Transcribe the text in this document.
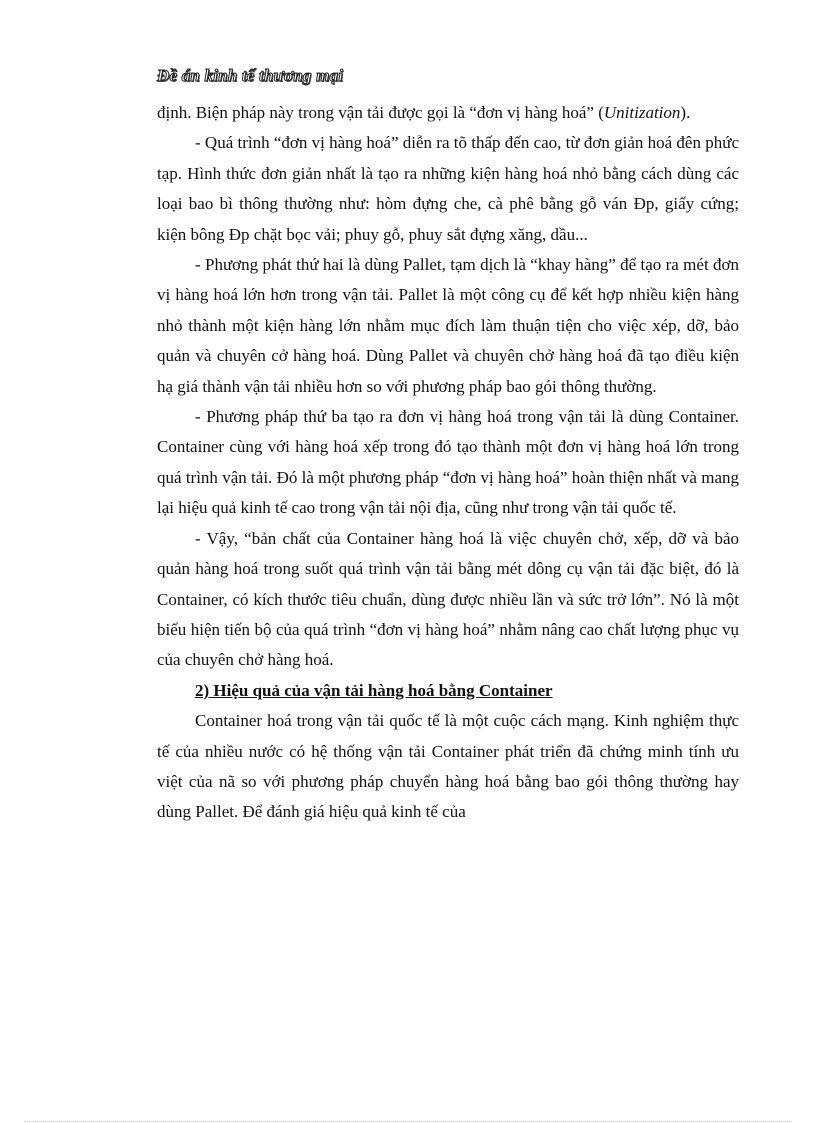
Đề án kinh tế thương mại

định. Biện pháp này trong vận tải được gọi là “đơn vị hàng hoá” (Unitization).

- Quá trình “đơn vị hàng hoá” diễn ra tõ thấp đến cao, từ đơn giản hoá đên phức tạp. Hình thức đơn giản nhất là tạo ra những kiện hàng hoá nhỏ bằng cách dùng các loại bao bì thông thường như: hòm đựng che, cà phê bằng gỗ ván Đp, giấy cứng; kiện bông Đp chặt bọc vải; phuy gỗ, phuy sắt đựng xăng, dầu...

- Phương phát thứ hai là dùng Pallet, tạm dịch là “khay hàng” để tạo ra mét đơn vị hàng hoá lớn hơn trong vận tải. Pallet là một công cụ để kết hợp nhiều kiện hàng nhỏ thành một kiện hàng lớn nhằm mục đích làm thuận tiện cho việc xép, dỡ, bảo quản và chuyên cở hàng hoá. Dùng Pallet và chuyên chở hàng hoá đã tạo điều kiện hạ giá thành vận tải nhiều hơn so với phương pháp bao gói thông thường.

- Phương pháp thứ ba tạo ra đơn vị hàng hoá trong vận tải là dùng Container. Container cùng với hàng hoá xếp trong đó tạo thành một đơn vị hàng hoá lớn trong quá trình vận tải. Đó là một phương pháp “đơn vị hàng hoá” hoàn thiện nhất và mang lại hiệu quả kinh tế cao trong vận tải nội địa, cũng như trong vận tải quốc tế.

- Vậy, “bản chất của Container hàng hoá là việc chuyên chở, xếp, dỡ và bảo quản hàng hoá trong suốt quá trình vận tải bằng mét dông cụ vận tải đặc biệt, đó là Container, có kích thước tiêu chuẩn, dùng được nhiều lần và sức trở lớn”. Nó là một biểu hiện tiến bộ của quá trình “đơn vị hàng hoá” nhằm nâng cao chất lượng phục vụ của chuyên chở hàng hoá.

2) Hiệu quả của vận tải hàng hoá bằng Container

Container hoá trong vận tải quốc tế là một cuộc cách mạng. Kinh nghiệm thực tế của nhiều nước có hệ thống vận tải Container phát triển đã chứng minh tính ưu việt của nã so với phương pháp chuyển hàng hoá bằng bao gói thông thường hay dùng Pallet. Để đánh giá hiệu quả kinh tế của
